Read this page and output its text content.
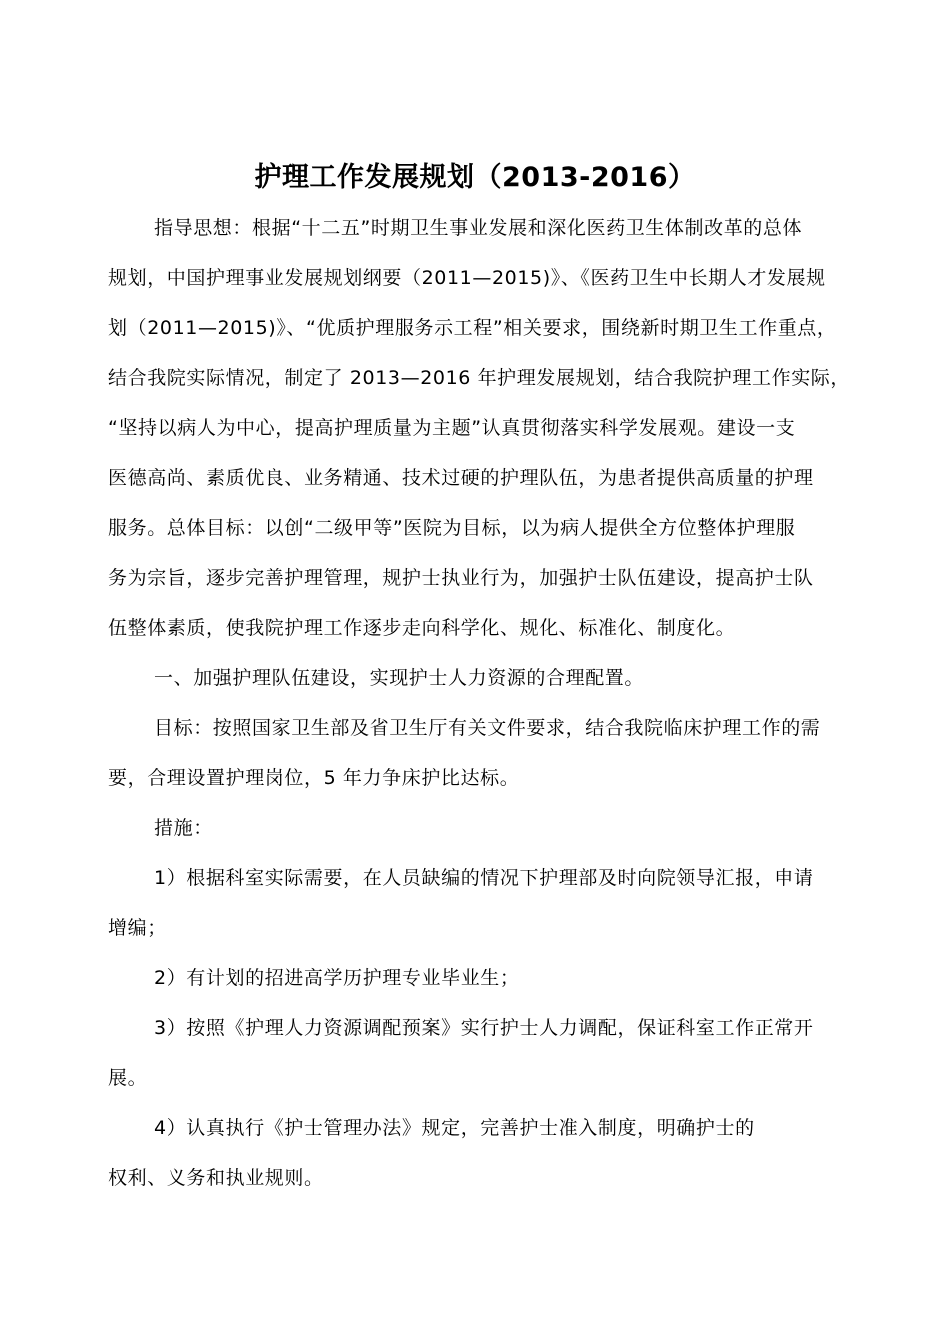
护理工作发展规划（2013-2016）
指导思想：根据“十二五”时期卫生事业发展和深化医药卫生体制改革的总体
规划，中国护理事业发展规划纲要（2011—2015)》、《医药卫生中长期人才发展规
划（2011—2015)》、“优质护理服务示工程”相关要求，围绕新时期卫生工作重点，
结合我院实际情况，制定了 2013—2016 年护理发展规划，结合我院护理工作实际，
“坚持以病人为中心，提高护理质量为主题”认真贯彻落实科学发展观。建设一支
医德高尚、素质优良、业务精通、技术过硬的护理队伍，为患者提供高质量的护理
服务。总体目标：以创“二级甲等”医院为目标，以为病人提供全方位整体护理服
务为宗旨，逐步完善护理管理，规护士执业行为，加强护士队伍建设，提高护士队
伍整体素质，使我院护理工作逐步走向科学化、规化、标准化、制度化。
一、加强护理队伍建设，实现护士人力资源的合理配置。
目标：按照国家卫生部及省卫生厅有关文件要求，结合我院临床护理工作的需
要，合理设置护理岗位，5 年力争床护比达标。
措施：
1）根据科室实际需要，在人员缺编的情况下护理部及时向院领导汇报，申请
增编；
2）有计划的招进高学历护理专业毕业生；
3）按照《护理人力资源调配预案》实行护士人力调配，保证科室工作正常开
展。
4）认真执行《护士管理办法》规定，完善护士准入制度，明确护士的
权利、义务和执业规则。
